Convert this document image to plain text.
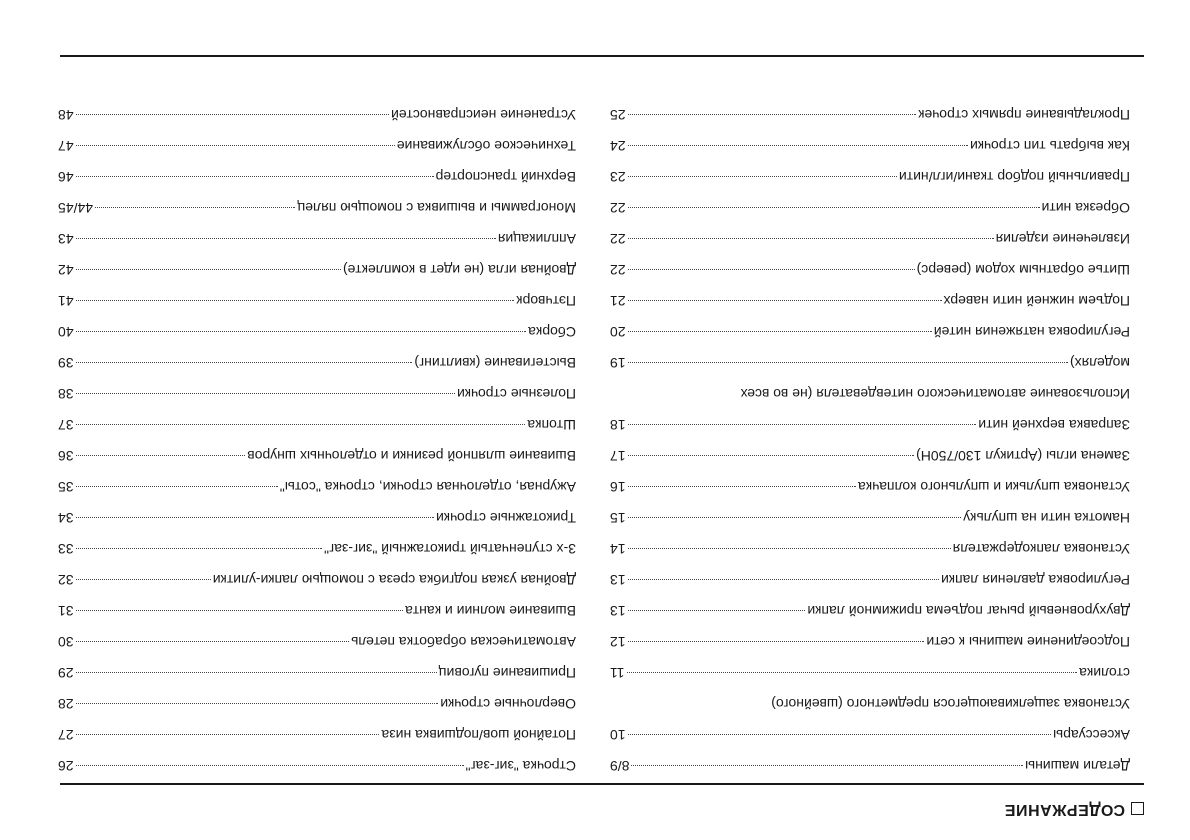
СОДЕРЖАНИЕ
Детали машины
8/9
Аксессуары
10
Установка защелкивающегося предметного (швейного)
столика
11
Подсоединение машины к сети
12
Двухуровневый рычаг подъема прижимной лапки
13
Регулировка давления лапки
13
Установка лапкодержателя
14
Намотка нити на шпульку
15
Установка шпульки и шпульного колпачка
16
Замена иглы (Артикул 130/750H)
17
Заправка верхней нити
18
Использование автоматического нитевдевателя (не во всех
моделях)
19
Регулировка натяжения нитей
20
Подъем нижней нити наверх
21
Шитье обратным ходом (реверс)
22
Извлечение изделия
22
Обрезка нити
22
Правильный подбор ткани/игл/нити
23
Как выбрать тип строчки
24
Прокладывание прямых строчек
25
Строчка "зиг-заг"
26
Потайной шов/подшивка низа
27
Оверлочные строчки
28
Пришивание пуговиц
29
Автоматическая обработка петель
30
Вшивание молнии и канта
31
Двойная узкая подгибка среза с помощью лапки-улитки
32
3-х ступенчатый трикотажный "зиг-заг"
33
Трикотажные строчки
34
Ажурная, отделочная строчки, строчка "соты"
35
Вшивание шляпной резинки и отделочных шнуров
36
Штопка
37
Полезные строчки
38
Выстегивание (квилтинг)
39
Сборка
40
Пэтчворк
41
Двойная игла (не идет в комплекте)
42
Аппликация
43
Монограммы и вышивка с помощью пялец
44/45
Верхний транспортер
46
Техническое обслуживание
47
Устранение неисправностей
48
